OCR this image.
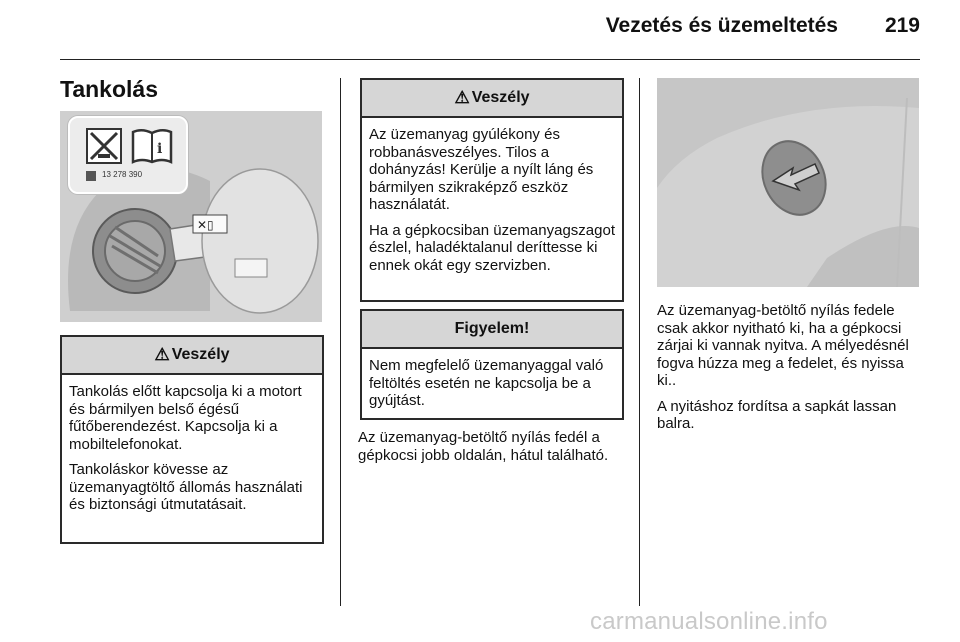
Vezetés és üzemeltetés 219
Tankolás
✕▯
i
13 278 390
⚠ Veszély

Tankolás előtt kapcsolja ki a motort és bármilyen belső égésű fűtőberendezést. Kapcsolja ki a mobiltelefonokat.

Tankoláskor kövesse az üzemanyagtöltő állomás használati és biztonsági útmutatásait.

⚠ Veszély

Az üzemanyag gyúlékony és robbanásveszélyes. Tilos a dohányzás! Kerülje a nyílt láng és bármilyen szikraképző eszköz használatát.

Ha a gépkocsiban üzemanyagszagot észlel, haladéktalanul deríttesse ki ennek okát egy szervizben.

Figyelem!

Nem megfelelő üzemanyaggal való feltöltés esetén ne kapcsolja be a gyújtást.

Az üzemanyag-betöltő nyílás fedél a gépkocsi jobb oldalán, hátul található.

Az üzemanyag-betöltő nyílás fedele csak akkor nyitható ki, ha a gépkocsi zárjai ki vannak nyitva. A mélyedésnél fogva húzza meg a fedelet, és nyissa ki..

A nyitáshoz fordítsa a sapkát lassan balra.

carmanualsonline.info
